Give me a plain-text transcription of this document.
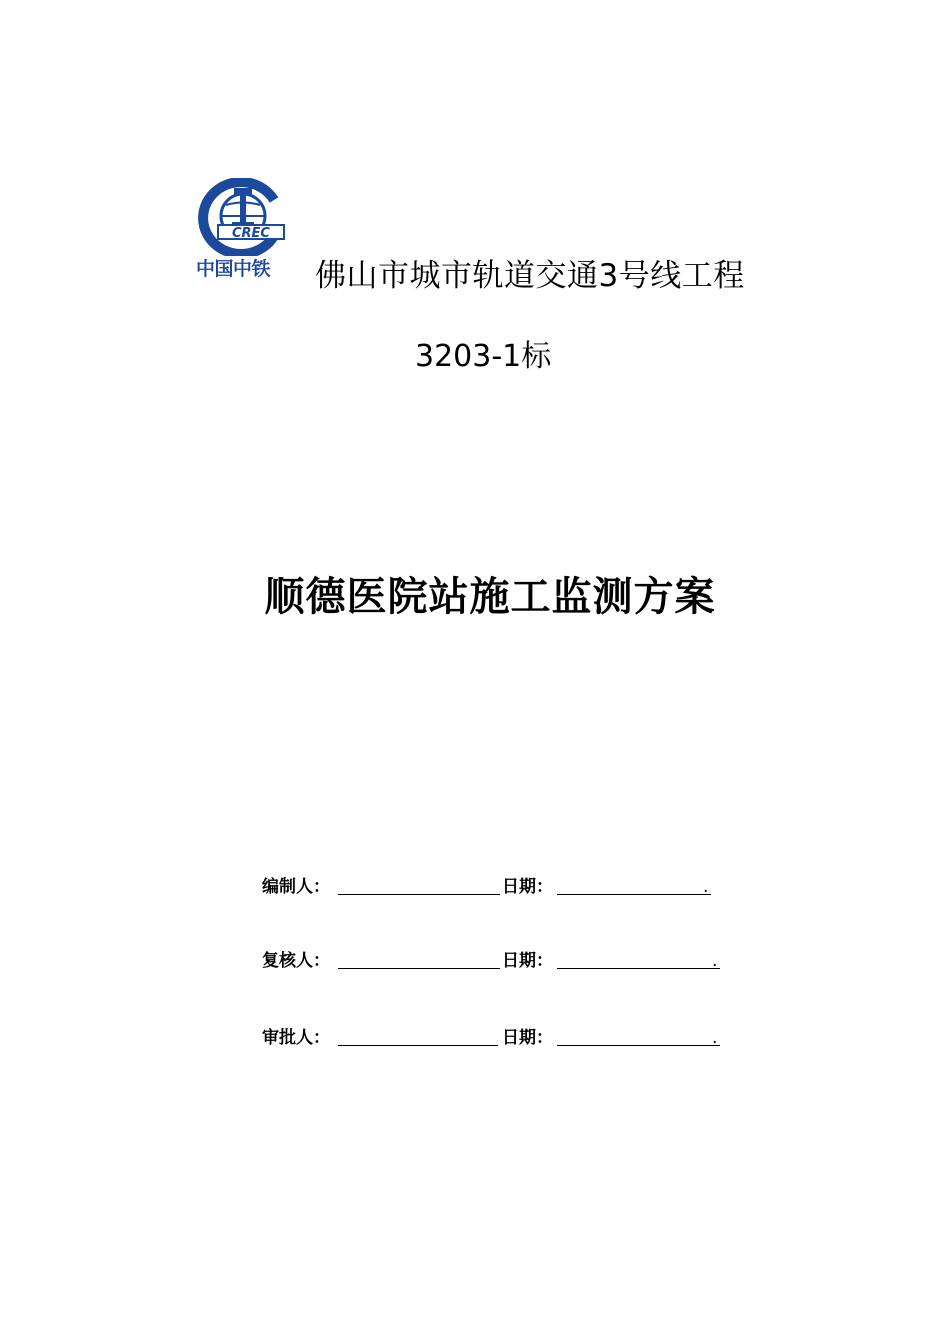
CREC
中国中铁	佛山市城市轨道交通3号线工程
3203-1标
顺德医院站施工监测方案
编制人：	日期：	.
复核人：	日期：	.
审批人：	日期：	.
